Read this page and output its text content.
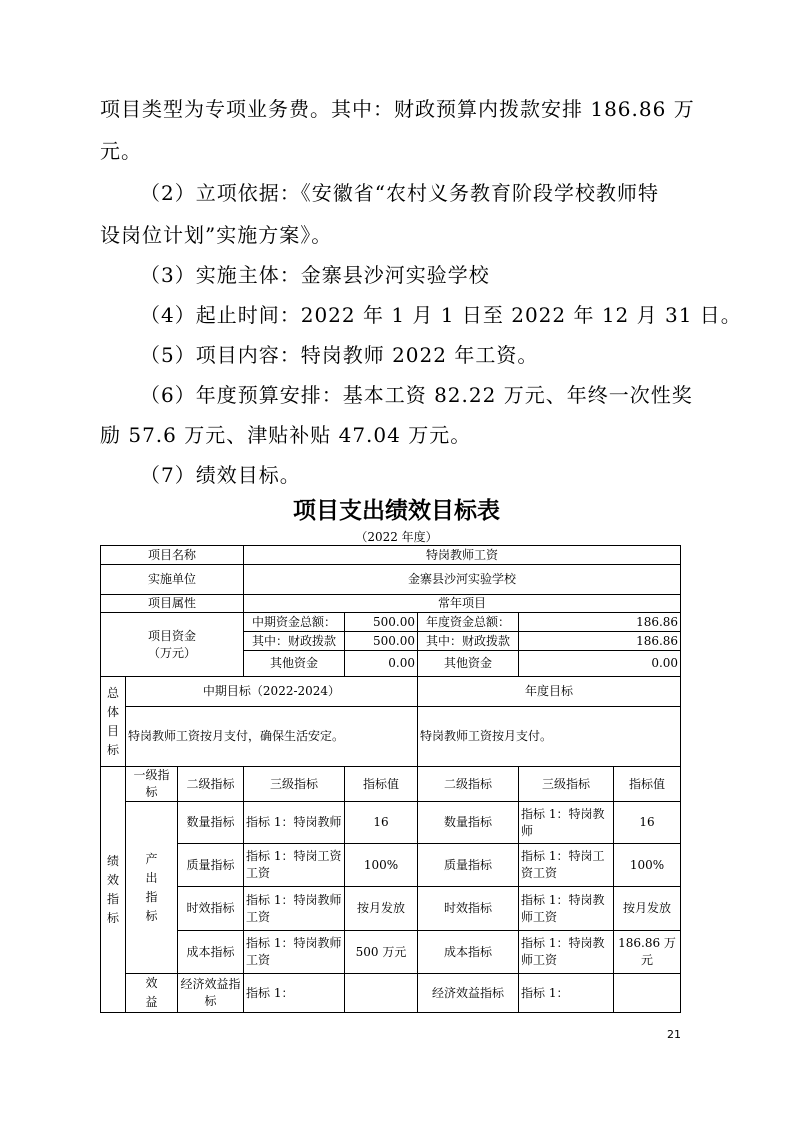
项目类型为专项业务费。其中：财政预算内拨款安排 186.86 万
元。
（2）立项依据：《安徽省“农村义务教育阶段学校教师特
设岗位计划”实施方案》。
（3）实施主体：金寨县沙河实验学校
（4）起止时间：2022 年 1 月 1 日至 2022 年 12 月 31 日。
（5）项目内容：特岗教师 2022 年工资。
（6）年度预算安排：基本工资 82.22 万元、年终一次性奖
励 57.6 万元、津贴补贴 47.04 万元。
（7）绩效目标。
项目支出绩效目标表
（2022 年度）
项目名称			特岗教师工资				
实施单位			金寨县沙河实验学校				
项目属性			常年项目				

项目资金
（万元）			中期资金总额：	500.00	年度资金总额：	186.86	
			其中：财政拨款	500.00	其中：财政拨款	186.86	
			其他资金	0.00	其他资金	0.00	

总
体
目
标	中期目标（2022-2024）				年度目标		
	特岗教师工资按月支付，确保生活安定。				特岗教师工资按月支付。		

绩
效
指
标	一级指标	二级指标	三级指标	指标值	二级指标	三级指标	指标值

	产
出
指
标	数量指标	指标 1：特岗教师	16	数量指标	指标 1：特岗教师	16
		质量指标	指标 1：特岗工资工资	100%	质量指标	指标 1：特岗工资工资	100%
		时效指标	指标 1：特岗教师工资	按月发放	时效指标	指标 1：特岗教师工资	按月发放
		成本指标	指标 1：特岗教师工资	500 万元	成本指标	指标 1：特岗教师工资	186.86 万元

	效
益	经济效益指标	指标 1：		经济效益指标	指标 1：	
21
